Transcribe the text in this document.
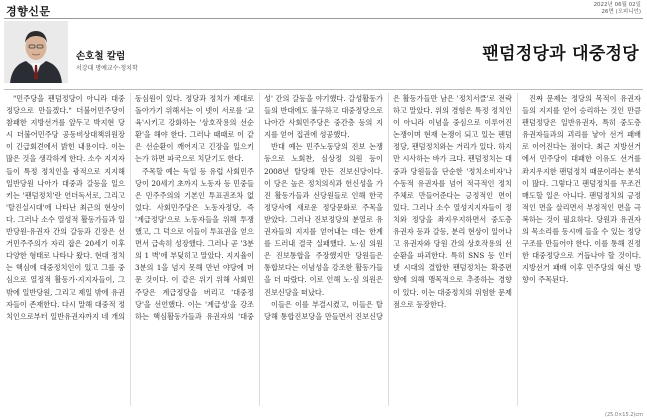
경향신문	2022년 06월 02일
26면 (오피니언)
손호철 칼럼
서강대 명예교수·정치학
팬덤정당과 대중정당

"민주당을 팬덤정당이 아니라 대중정당으로 만들겠다." 더불어민주당이 참패한 지방선거를 앞두고 박지현 당시 더불어민주당 공동비상대책위원장이 긴급회견에서 밝힌 내용이다. 이는 많은 것을 생각하게 한다. 소수 지지자들이 특정 정치인을 광적으로 지지해 일반당원 나아가 대중과 갈등을 일으키는 '팬덤정치'란 언더독서로, 그리고 '탈진실시대'에 나타난 최근의 현상이다. 그러나 소수 열성적 활동가들과 일반당원·유권자 간의 갈등과 긴장은 선거민주주의가 자리 잡은 20세기 이후 다양한 형태로 나타나 왔다. 현대 정치는 핵심에 대중정치인이 있고 그를 중심으로 열정적 활동가·지지자들이, 그 밖에 일반당원, 그리고 제일 밖에 유권자들이 존재한다. 다시 말해 대중적 정치인으로부터 일반유권자까지 네 개의 동심원이 있다. 정당과 정치가 제대로 돌아가기 위해서는 이 넷이 서로를 '교육'시키고 강화하는 '상호작용의 선순환'을 해야 한다. 그러나 때때로 이 같은 선순환이 깨어지고 긴장을 일으키는가 하면 파국으로 치닫기도 한다.

주목할 예는 독일 등 유럽 사회민주당이 20세기 초까지 노동자 등 민중들은 민주주의의 기본인 투표권조차 없었다. 사회민주당은 노동자정당, 즉 '계급정당'으로 노동자들을 위해 투쟁했고, 그 덕으로 이들이 투표권을 얻으면서 급속히 성장했다. 그러나 곧 '3분의 1 벽'에 부딪히고 말았다. 지지율이 3분의 1을 넘지 못해 만년 야당에 머문 것이다. 이 같은 위기 위해 사회민주당은 계급정당을 버리고 '대중정당'을 선언했다. 이는 '계급성'을 강조하는 핵심활동가들과 유권자의 '대중성' 간의 갈등을 야기했다. 갈성활동가들의 반대에도 불구하고 대중정당으로 나아간 사회민주당은 중간층 등의 지지를 얻어 집권에 성공했다.

반대 예는 민주노동당의 진보 논쟁 등으로 노회찬, 심상정 의원 등이 2008년 탈당해 만든 진보신당이다. 이 당은 높은 정치의식과 헌신성을 가진 활동가들과 신당원들로 인해 한국 정당사에 새로운 정당문화로 주목을 받았다. 그러나 진보정당의 분열로 유권자들의 지지를 얻어내는 데는 한계를 드러내 결국 실패했다. 노·심 의원은 진보통합을 주장했지만 당원들은 통합보다는 이념성을 강조한 활동가들을 더 따랐다. 이로 인해 노·심 의원은 진보신당을 떠났다.

이들은 이를 부결시켰고, 이들은 탈당해 통합진보당을 만들면서 진보신당은 활동가들만 남은 '정치서클'로 전락하고 말았다. 위의 경험은 특정 정치인이 아니라 이념을 중심으로 이루어진 논쟁이며 현재 논쟁이 되고 있는 팬덤정당, 팬덤정치와는 거리가 있다. 하지만 시사하는 바가 크다. 팬덤정치는 대중과 당원들을 단순한 '정치소비자'나 수동적 유권자를 넘어 적극적인 정치주체로 만들어준다는 긍정적인 면이 있다. 그러나 소수 열성지지자들이 정치와 정당을 좌지우지하면서 중도층 유권자 등과 갈등, 분리 현상이 일어나고 유권자와 당원 간의 상호작용의 선순환을 파괴한다. 특히 SNS 등 인터넷 시대의 결합한 팬덤정치는 확증편향에 의해 맹목적으로 추종하는 경향이 있다. 이는 대중정치의 위험한 문제점으로 등장한다.

진짜 문제는 정당의 목적이 유권자들의 지지를 얻어 승리하는 것인 만큼 팬덤정당은 일반유권자, 특히 중도층 유권자들과의 괴리를 낳아 선거 패배로 이어진다는 점이다. 최근 지방선거에서 민주당이 대패한 이유도 선거를 좌지우지한 팬덤정치 때문이라는 분석이 많다. 그렇다고 팬덤정치를 무조건 매도할 일은 아니다. 팬덤정치의 긍정적인 면을 살리면서 부정적인 면을 극복하는 것이 필요하다. 당원과 유권자의 목소리를 동시에 들을 수 있는 정당 구조를 만들어야 한다. 이를 통해 진정한 대중정당으로 거듭나야 할 것이다. 지방선거 패배 이후 민주당의 혁신 방향이 주목된다.

(25.0×15.2)cm
